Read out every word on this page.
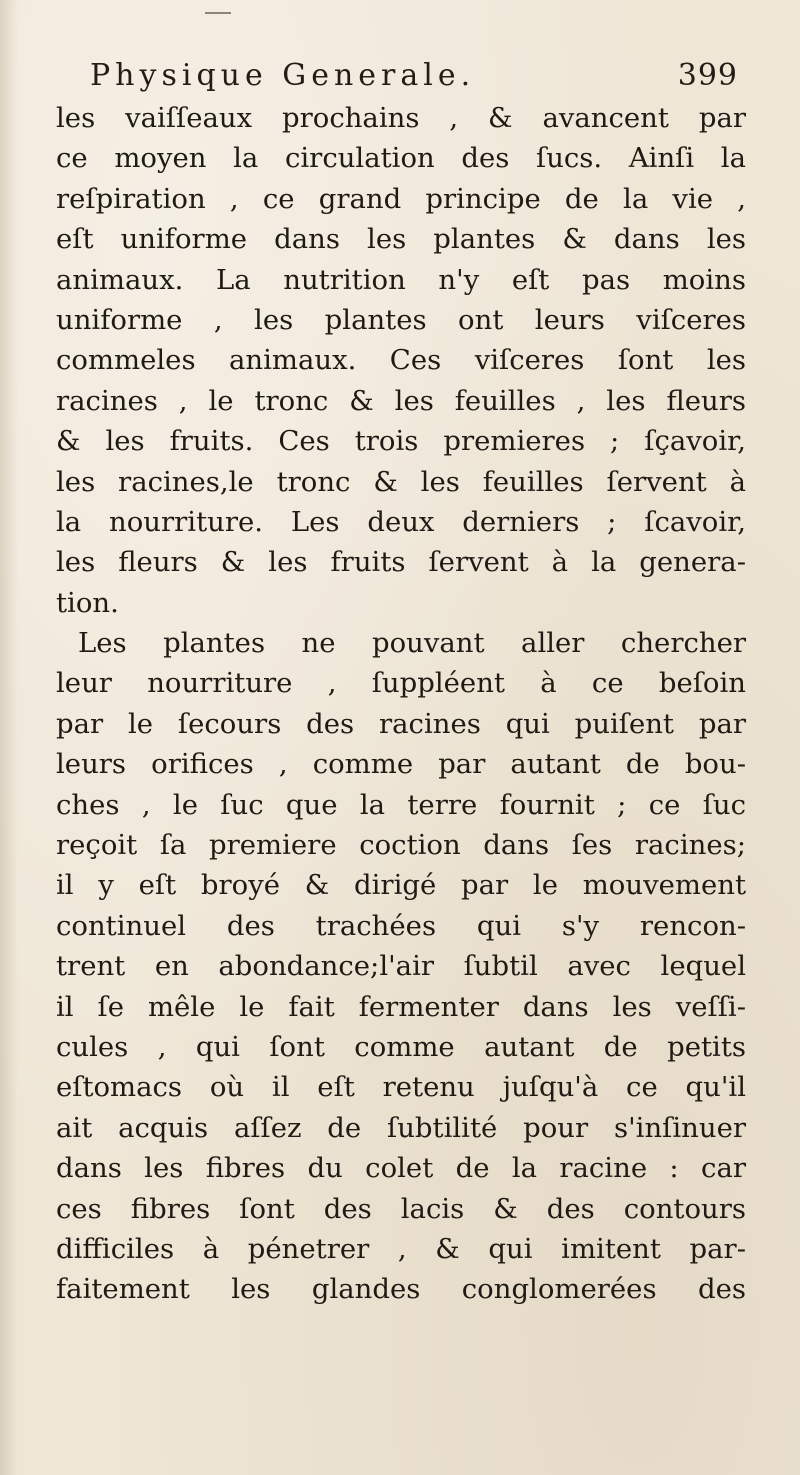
Physique Generale.	399
les vaiſſeaux prochains , & avancent par
ce moyen la circulation des ſucs. Ainſi la
reſpiration , ce grand principe de la vie ,
eſt uniforme dans les plantes & dans les
animaux. La nutrition n'y eſt pas moins
uniforme , les plantes ont leurs viſceres
commeles animaux. Ces viſceres ſont les
racines , le tronc & les feuilles , les fleurs
& les fruits. Ces trois premieres ; ſçavoir,
les racines,le tronc & les feuilles ſervent à
la nourriture. Les deux derniers ; ſcavoir,
les fleurs & les fruits ſervent à la genera-
tion.
Les plantes ne pouvant aller chercher
leur nourriture , ſuppléent à ce beſoin
par le ſecours des racines qui puiſent par
leurs orifices , comme par autant de bou-
ches , le ſuc que la terre fournit ; ce ſuc
reçoit ſa premiere coction dans ſes racines;
il y eſt broyé & dirigé par le mouvement
continuel des trachées qui s'y rencon-
trent en abondance;l'air ſubtil avec lequel
il ſe mêle le fait fermenter dans les veſſi-
cules , qui ſont comme autant de petits
eſtomacs où il eſt retenu juſqu'à ce qu'il
ait acquis aſſez de ſubtilité pour s'inſinuer
dans les fibres du colet de la racine : car
ces fibres ſont des lacis & des contours
difficiles à pénetrer , & qui imitent par-
faitement les glandes conglomerées des
